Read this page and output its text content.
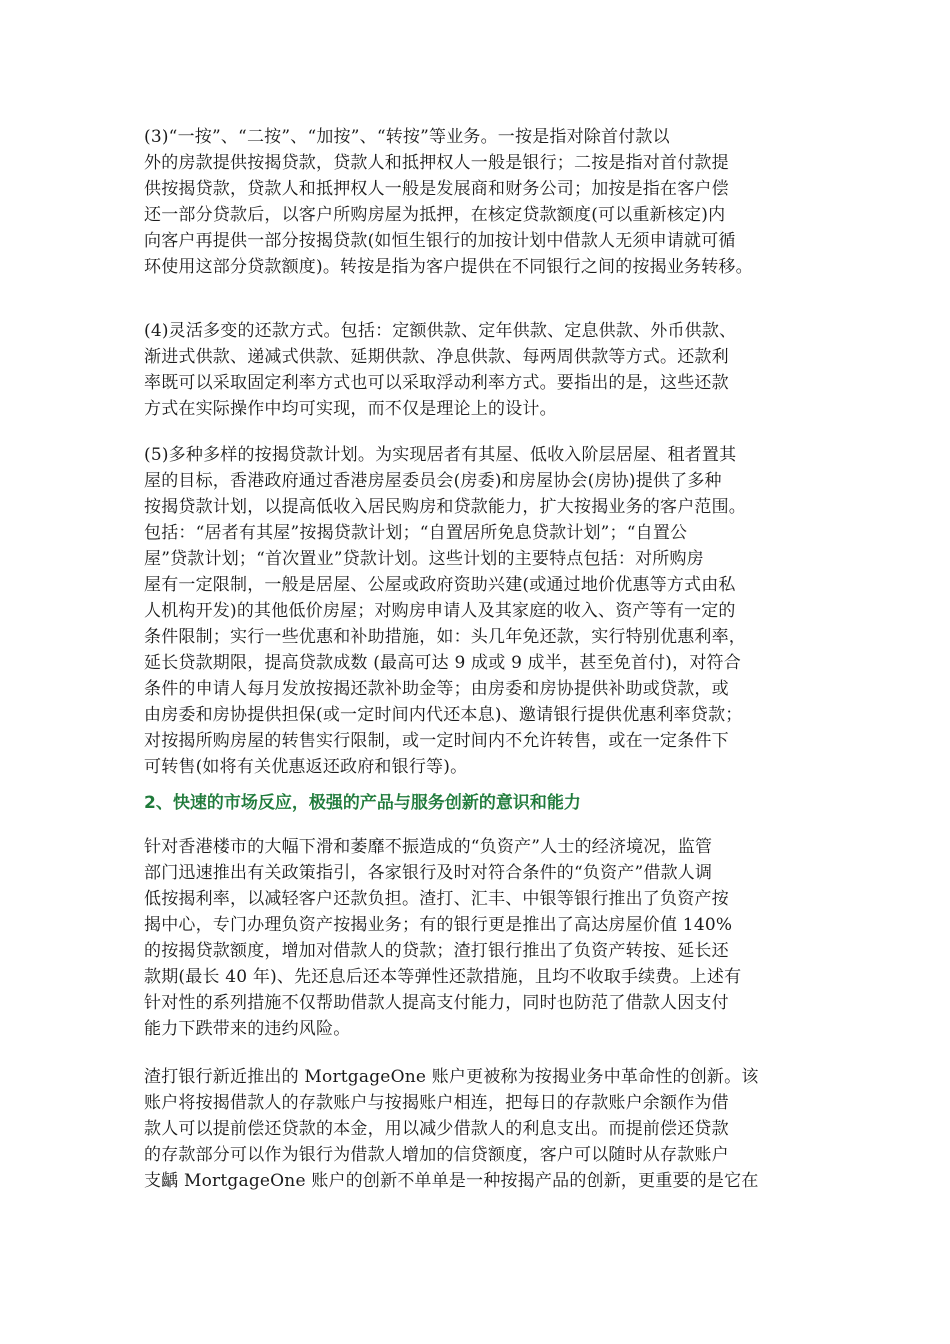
(3)“一按”、“二按”、“加按”、“转按”等业务。一按是指对除首付款以
外的房款提供按揭贷款，贷款人和抵押权人一般是银行；二按是指对首付款提
供按揭贷款，贷款人和抵押权人一般是发展商和财务公司；加按是指在客户偿
还一部分贷款后，以客户所购房屋为抵押，在核定贷款额度(可以重新核定)内
向客户再提供一部分按揭贷款(如恒生银行的加按计划中借款人无须申请就可循
环使用这部分贷款额度)。转按是指为客户提供在不同银行之间的按揭业务转移。
(4)灵活多变的还款方式。包括：定额供款、定年供款、定息供款、外币供款、
渐进式供款、递减式供款、延期供款、净息供款、每两周供款等方式。还款利
率既可以采取固定利率方式也可以采取浮动利率方式。要指出的是，这些还款
方式在实际操作中均可实现，而不仅是理论上的设计。
(5)多种多样的按揭贷款计划。为实现居者有其屋、低收入阶层居屋、租者置其
屋的目标，香港政府通过香港房屋委员会(房委)和房屋协会(房协)提供了多种
按揭贷款计划，以提高低收入居民购房和贷款能力，扩大按揭业务的客户范围。
包括：“居者有其屋”按揭贷款计划；“自置居所免息贷款计划”；“自置公
屋”贷款计划；“首次置业”贷款计划。这些计划的主要特点包括：对所购房
屋有一定限制，一般是居屋、公屋或政府资助兴建(或通过地价优惠等方式由私
人机构开发)的其他低价房屋；对购房申请人及其家庭的收入、资产等有一定的
条件限制；实行一些优惠和补助措施，如：头几年免还款，实行特别优惠利率，
延长贷款期限，提高贷款成数 (最高可达 9 成或 9 成半，甚至免首付)，对符合
条件的申请人每月发放按揭还款补助金等；由房委和房协提供补助或贷款，或
由房委和房协提供担保(或一定时间内代还本息)、邀请银行提供优惠利率贷款；
对按揭所购房屋的转售实行限制，或一定时间内不允许转售，或在一定条件下
可转售(如将有关优惠返还政府和银行等)。
2、快速的市场反应，极强的产品与服务创新的意识和能力
针对香港楼市的大幅下滑和萎靡不振造成的“负资产”人士的经济境况，监管
部门迅速推出有关政策指引，各家银行及时对符合条件的“负资产”借款人调
低按揭利率，以减轻客户还款负担。渣打、汇丰、中银等银行推出了负资产按
揭中心，专门办理负资产按揭业务；有的银行更是推出了高达房屋价值 140%
的按揭贷款额度，增加对借款人的贷款；渣打银行推出了负资产转按、延长还
款期(最长 40 年)、先还息后还本等弹性还款措施，且均不收取手续费。上述有
针对性的系列措施不仅帮助借款人提高支付能力，同时也防范了借款人因支付
能力下跌带来的违约风险。
渣打银行新近推出的 MortgageOne 账户更被称为按揭业务中革命性的创新。该
账户将按揭借款人的存款账户与按揭账户相连，把每日的存款账户余额作为借
款人可以提前偿还贷款的本金，用以减少借款人的利息支出。而提前偿还贷款
的存款部分可以作为银行为借款人增加的信贷额度，客户可以随时从存款账户
支齲 MortgageOne 账户的创新不单单是一种按揭产品的创新，更重要的是它在
